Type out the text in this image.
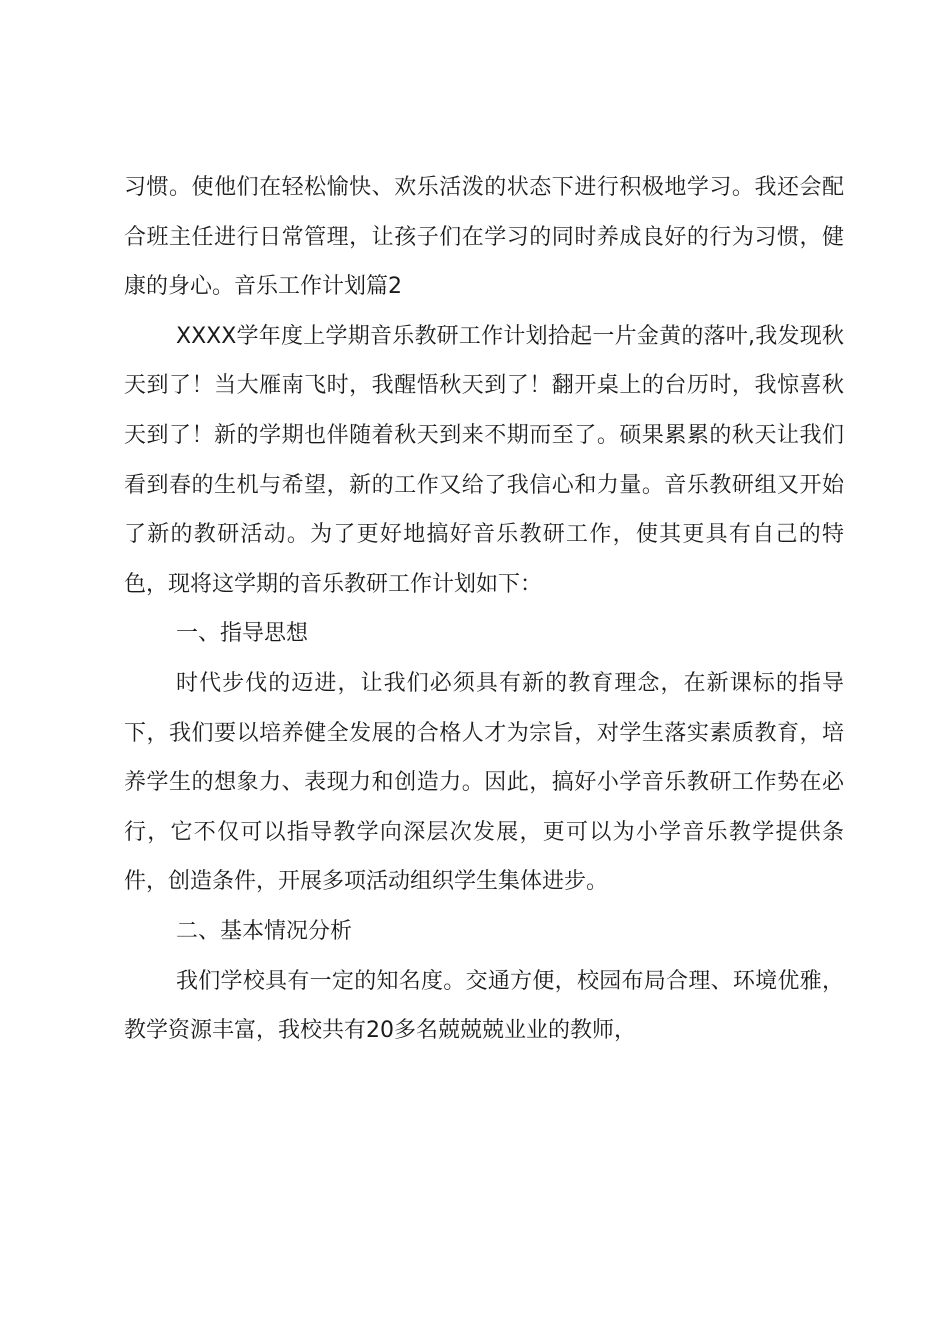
习惯。使他们在轻松愉快、欢乐活泼的状态下进行积极地学习。我还会配合班主任进行日常管理，让孩子们在学习的同时养成良好的行为习惯，健康的身心。音乐工作计划篇2

XXXX学年度上学期音乐教研工作计划拾起一片金黄的落叶,我发现秋天到了！当大雁南飞时，我醒悟秋天到了！翻开桌上的台历时，我惊喜秋天到了！新的学期也伴随着秋天到来不期而至了。硕果累累的秋天让我们看到春的生机与希望，新的工作又给了我信心和力量。音乐教研组又开始了新的教研活动。为了更好地搞好音乐教研工作，使其更具有自己的特色，现将这学期的音乐教研工作计划如下：

一、指导思想

时代步伐的迈进，让我们必须具有新的教育理念，在新课标的指导下，我们要以培养健全发展的合格人才为宗旨，对学生落实素质教育，培养学生的想象力、表现力和创造力。因此，搞好小学音乐教研工作势在必行，它不仅可以指导教学向深层次发展，更可以为小学音乐教学提供条件，创造条件，开展多项活动组织学生集体进步。

二、基本情况分析

我们学校具有一定的知名度。交通方便，校园布局合理、环境优雅，教学资源丰富，我校共有20多名兢兢兢业业的教师，
